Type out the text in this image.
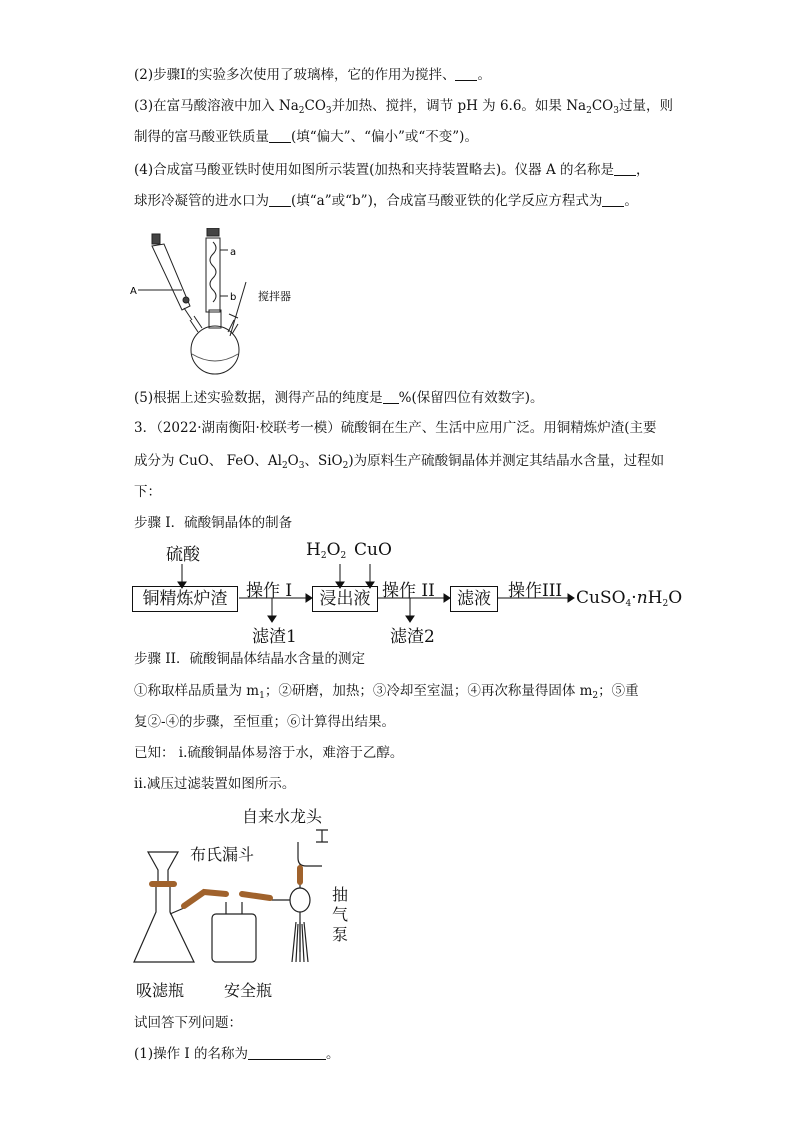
(2)步骤Ⅰ的实验多次使用了玻璃棒，它的作用为搅拌、 。
(3)在富马酸溶液中加入 $Na_2CO_3$并加热、搅拌，调节 pH 为 6.6。如果 $Na_2CO_3$过量，则
制得的富马酸亚铁质量 (填“偏大”、“偏小”或“不变”)。
(4)合成富马酸亚铁时使用如图所示装置(加热和夹持装置略去)。仪器 A 的名称是 ，
球形冷凝管的进水口为 (填“a”或“b”)，合成富马酸亚铁的化学反应方程式为 。
a
b
A	搅拌器
(5)根据上述实验数据，测得产品的纯度是 %(保留四位有效数字)。
3．（2022·湖南衡阳·校联考一模）硫酸铜在生产、生活中应用广泛。用铜精炼炉渣(主要
成分为 CuO、 FeO、$Al_2O_3$、SiO$_2$)为原料生产硫酸铜晶体并测定其结晶水含量，过程如
下：
步骤 I．硫酸铜晶体的制备
硫酸	$H_2O_2$ CuO
铜精炼炉渣	浸出液	滤液
操作 I	操作 II	操作III
滤渣1	滤渣2
$CuSO_4\cdot nH_2O$
步骤 II．硫酸铜晶体结晶水含量的测定
①称取样品质量为 $m_1$；②研磨，加热；③冷却至室温；④再次称量得固体 $m_2$；⑤重
复②-④的步骤，至恒重；⑥计算得出结果。
已知： i.硫酸铜晶体易溶于水，难溶于乙醇。
ii.减压过滤装置如图所示。
自来水龙头
布氏漏斗
抽
气
泵
吸滤瓶 安全瓶
试回答下列问题：
(1)操作 I 的名称为	。
